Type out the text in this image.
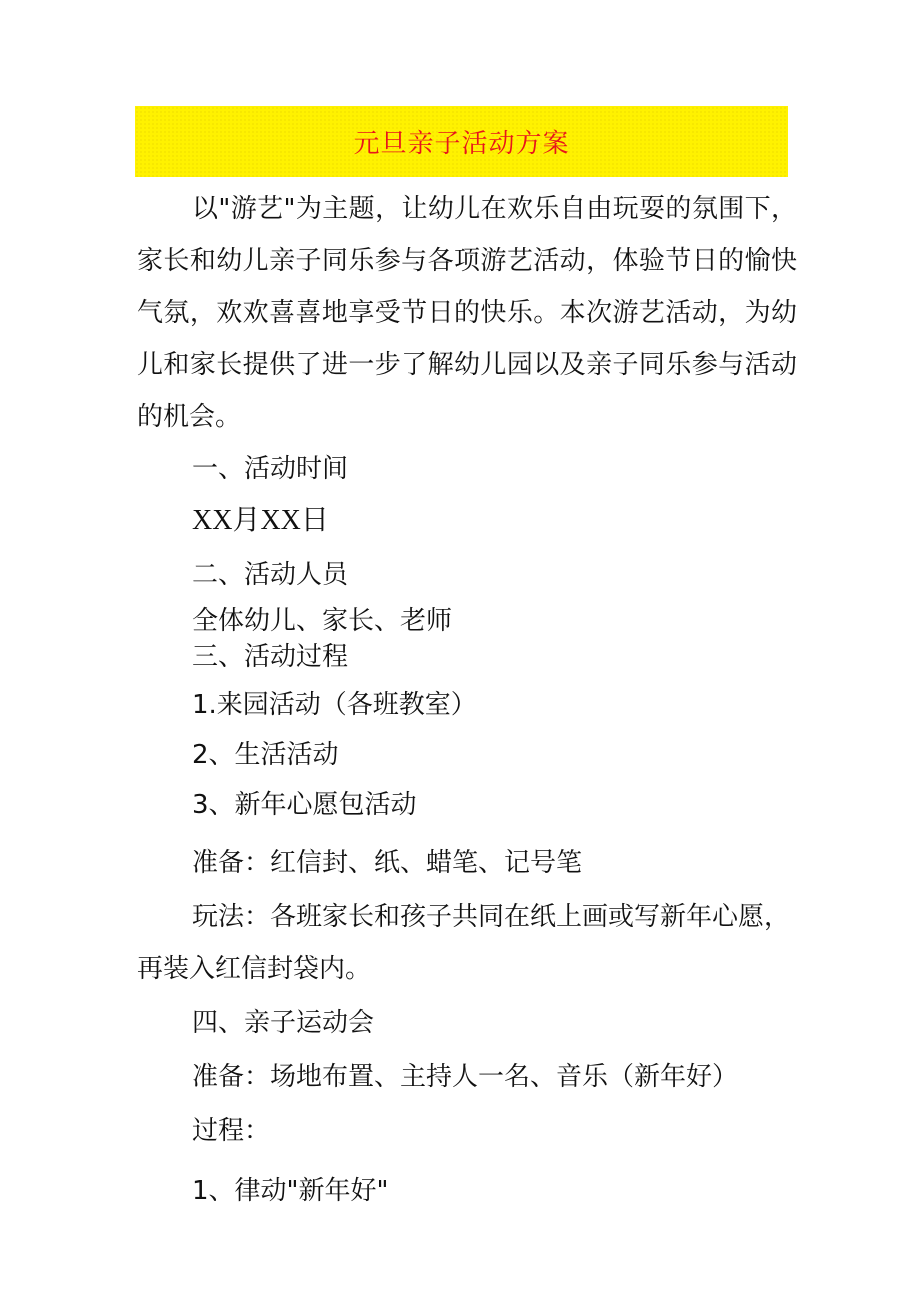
元旦亲子活动方案

以"游艺"为主题，让幼儿在欢乐自由玩耍的氛围下，家长和幼儿亲子同乐参与各项游艺活动，体验节日的愉快气氛，欢欢喜喜地享受节日的快乐。本次游艺活动，为幼儿和家长提供了进一步了解幼儿园以及亲子同乐参与活动的机会。

一、活动时间

XX月XX日

二、活动人员

全体幼儿、家长、老师

三、活动过程

1.来园活动（各班教室）

2、生活活动

3、新年心愿包活动

准备：红信封、纸、蜡笔、记号笔

玩法：各班家长和孩子共同在纸上画或写新年心愿，再装入红信封袋内。

四、亲子运动会

准备：场地布置、主持人一名、音乐（新年好）

过程：

1、律动"新年好"
